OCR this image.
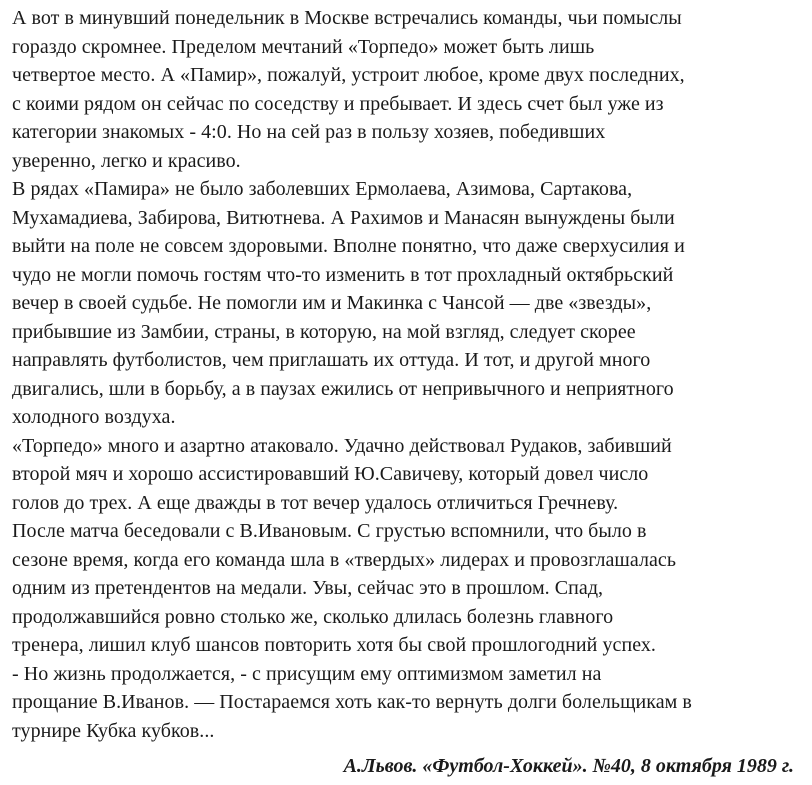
А вот в минувший понедельник в Москве встречались команды, чьи помыслы
гораздо скромнее. Пределом мечтаний «Торпедо» может быть лишь
четвертое место. А «Памир», пожалуй, устроит любое, кроме двух последних,
с коими рядом он сейчас по соседству и пребывает. И здесь счет был уже из
категории знакомых - 4:0. Но на сей раз в пользу хозяев, победивших
уверенно, легко и красиво.
В рядах «Памира» не было заболевших Ермолаева, Азимова, Сартакова,
Мухамадиева, Забирова, Витютнева. А Рахимов и Манасян вынуждены были
выйти на поле не совсем здоровыми. Вполне понятно, что даже сверхусилия и
чудо не могли помочь гостям что-то изменить в тот прохладный октябрьский
вечер в своей судьбе. Не помогли им и Макинка с Чансой — две «звезды»,
прибывшие из Замбии, страны, в которую, на мой взгляд, следует скорее
направлять футболистов, чем приглашать их оттуда. И тот, и другой много
двигались, шли в борьбу, а в паузах ежились от непривычного и неприятного
холодного воздуха.
«Торпедо» много и азартно атаковало. Удачно действовал Рудаков, забивший
второй мяч и хорошо ассистировавший Ю.Савичеву, который довел число
голов до трех. А еще дважды в тот вечер удалось отличиться Гречневу.
После матча беседовали с В.Ивановым. С грустью вспомнили, что было в
сезоне время, когда его команда шла в «твердых» лидерах и провозглашалась
одним из претендентов на медали. Увы, сейчас это в прошлом. Спад,
продолжавшийся ровно столько же, сколько длилась болезнь главного
тренера, лишил клуб шансов повторить хотя бы свой прошлогодний успех.
- Но жизнь продолжается, - с присущим ему оптимизмом заметил на
прощание В.Иванов. — Постараемся хоть как-то вернуть долги болельщикам в
турнире Кубка кубков...
А.Львов. «Футбол-Хоккей». №40, 8 октября 1989 г.
